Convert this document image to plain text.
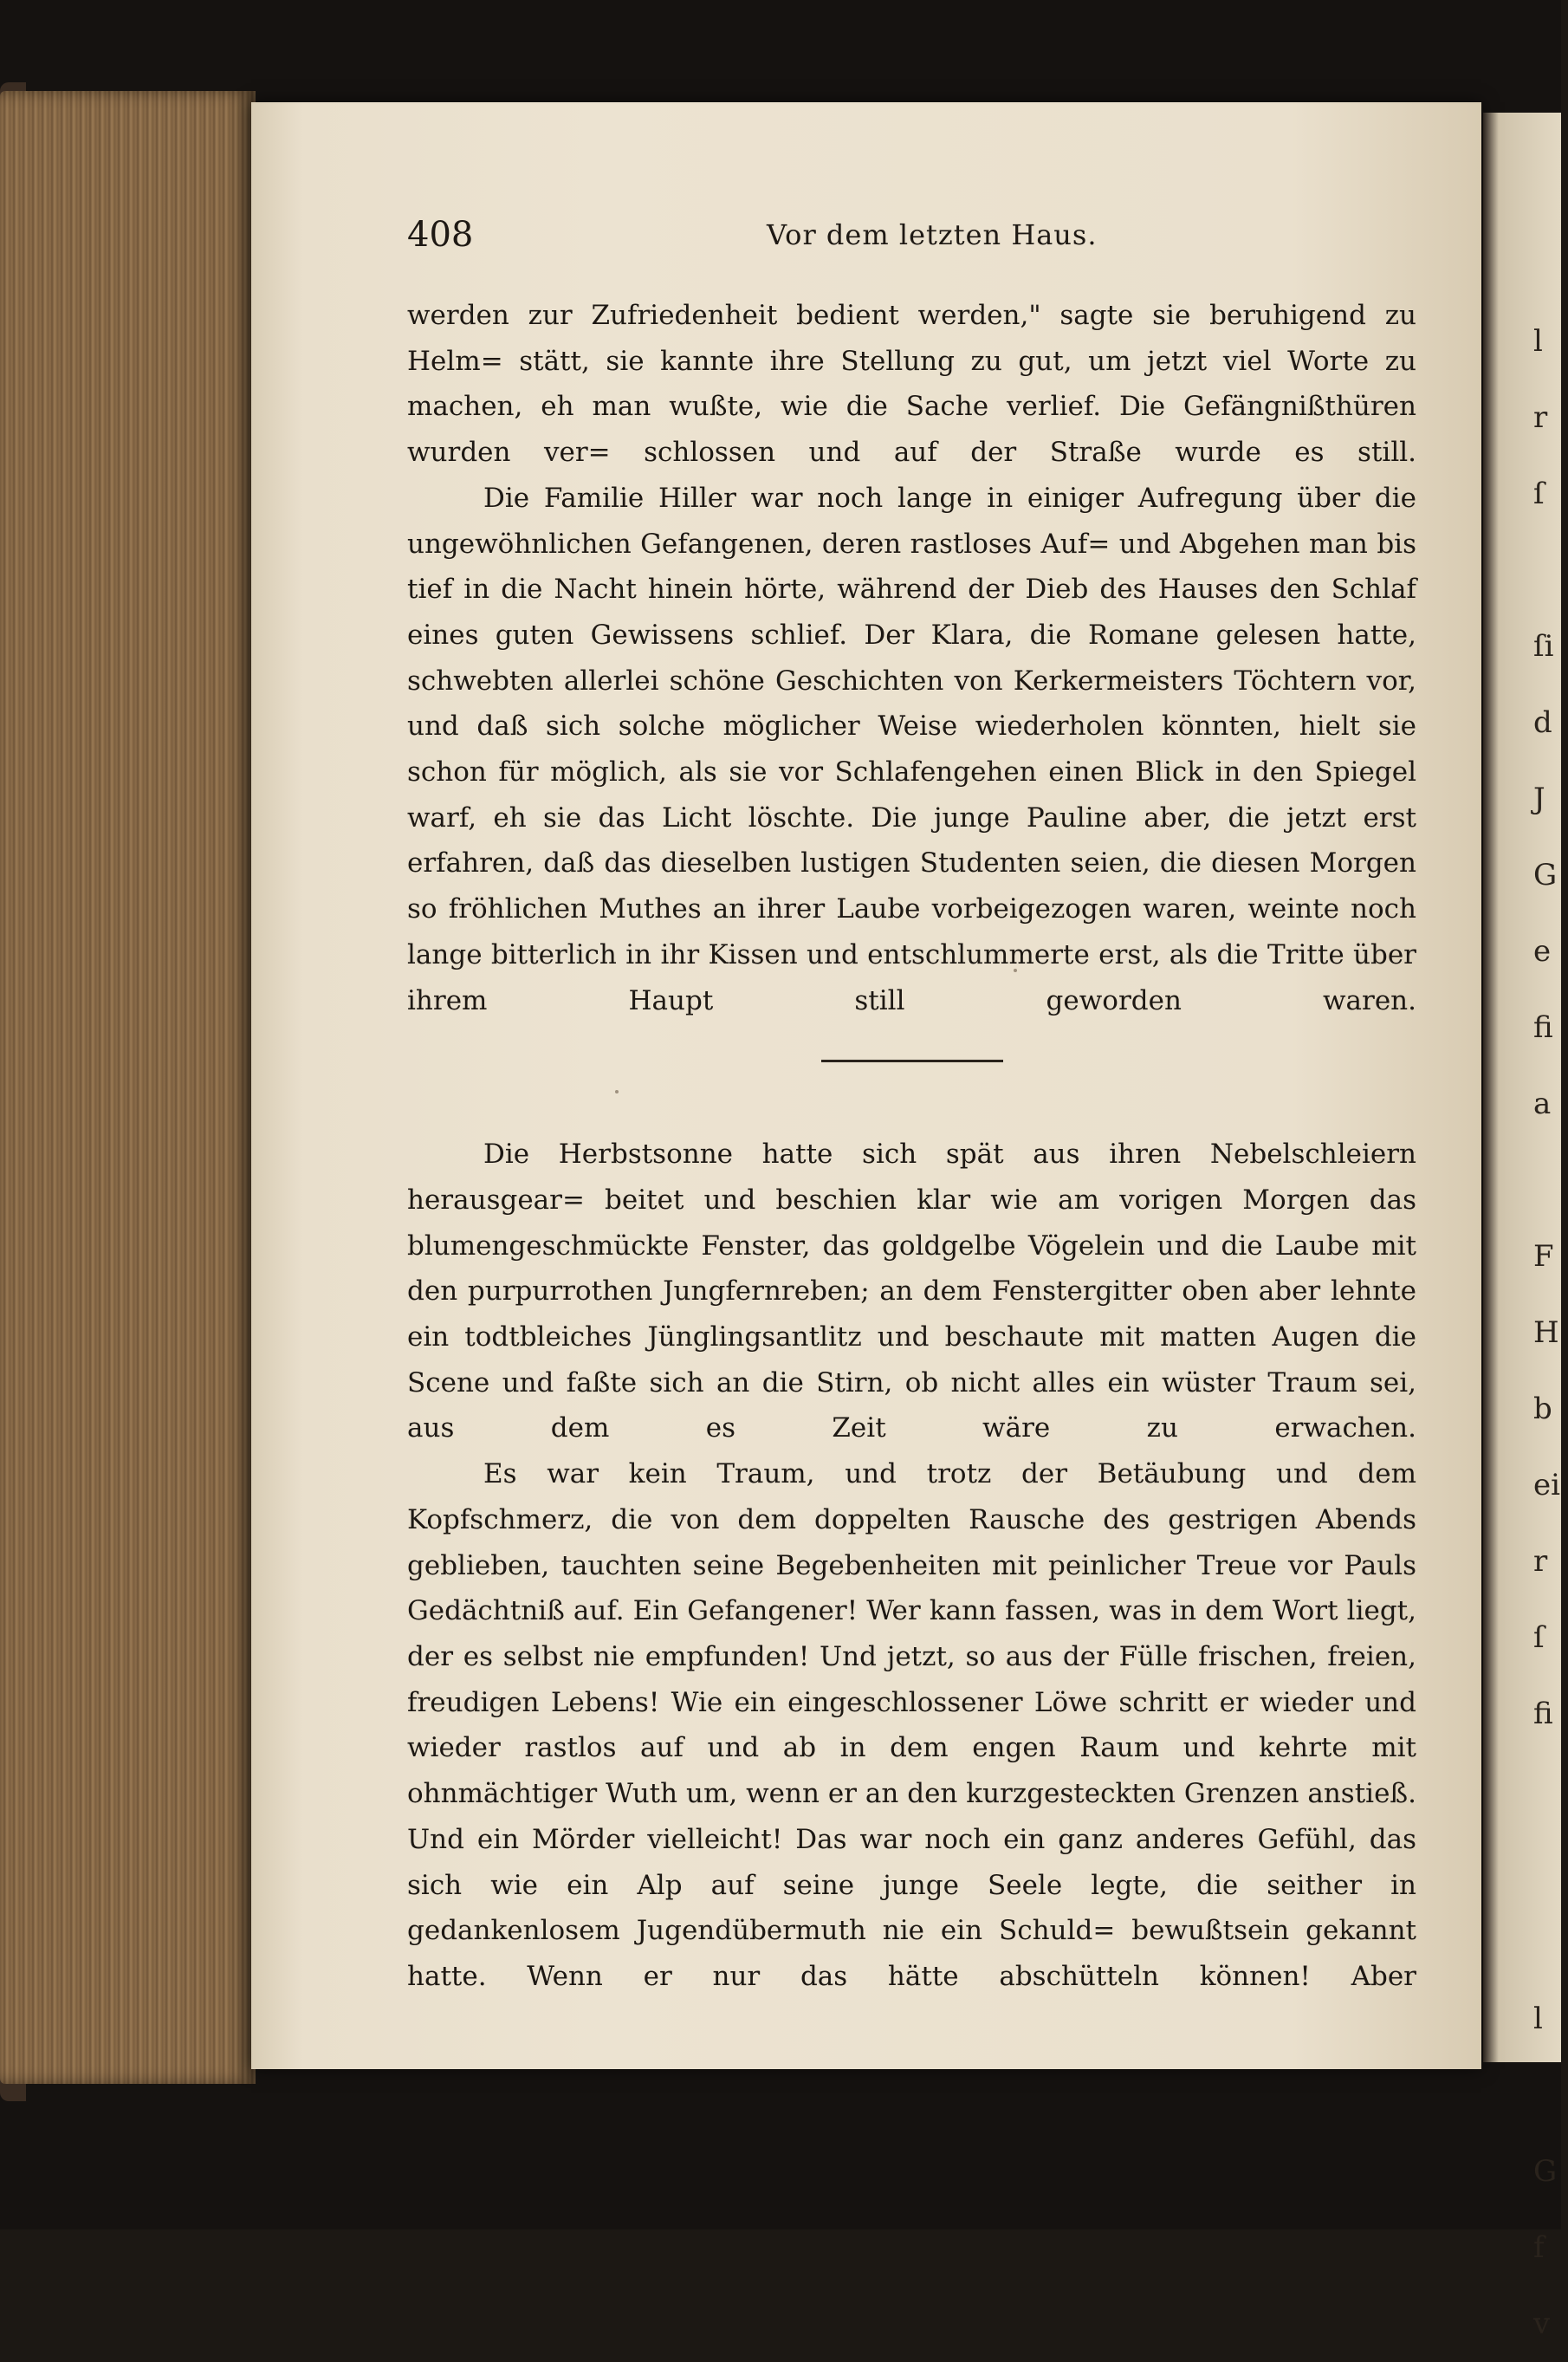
l
r
ſ

ſi
d
J
G
e
fi
a

F
H
b
ei
r
ſ
fi

l

G
f
v
408	Vor dem letzten Haus.

werden zur Zufriedenheit bedient werden," sagte sie beruhigend zu Helm= stätt, sie kannte ihre Stellung zu gut, um jetzt viel Worte zu machen, eh man wußte, wie die Sache verlief. Die Gefängnißthüren wurden ver= schlossen und auf der Straße wurde es still.

Die Familie Hiller war noch lange in einiger Aufregung über die ungewöhnlichen Gefangenen, deren rastloses Auf= und Abgehen man bis tief in die Nacht hinein hörte, während der Dieb des Hauses den Schlaf eines guten Gewissens schlief. Der Klara, die Romane gelesen hatte, schwebten allerlei schöne Geschichten von Kerkermeisters Töchtern vor, und daß sich solche möglicher Weise wiederholen könnten, hielt sie schon für möglich, als sie vor Schlafengehen einen Blick in den Spiegel warf, eh sie das Licht löschte. Die junge Pauline aber, die jetzt erst erfahren, daß das dieselben lustigen Studenten seien, die diesen Morgen so fröhlichen Muthes an ihrer Laube vorbeigezogen waren, weinte noch lange bitterlich in ihr Kissen und entschlummerte erst, als die Tritte über ihrem Haupt still geworden waren.

Die Herbstsonne hatte sich spät aus ihren Nebelschleiern herausgear= beitet und beschien klar wie am vorigen Morgen das blumengeschmückte Fenster, das goldgelbe Vögelein und die Laube mit den purpurrothen Jungfernreben; an dem Fenstergitter oben aber lehnte ein todtbleiches Jünglingsantlitz und beschaute mit matten Augen die Scene und faßte sich an die Stirn, ob nicht alles ein wüster Traum sei, aus dem es Zeit wäre zu erwachen.

Es war kein Traum, und trotz der Betäubung und dem Kopfschmerz, die von dem doppelten Rausche des gestrigen Abends geblieben, tauchten seine Begebenheiten mit peinlicher Treue vor Pauls Gedächtniß auf. Ein Gefangener! Wer kann fassen, was in dem Wort liegt, der es selbst nie empfunden! Und jetzt, so aus der Fülle frischen, freien, freudigen Lebens! Wie ein eingeschlossener Löwe schritt er wieder und wieder rastlos auf und ab in dem engen Raum und kehrte mit ohnmächtiger Wuth um, wenn er an den kurzgesteckten Grenzen anstieß. Und ein Mörder vielleicht! Das war noch ein ganz anderes Gefühl, das sich wie ein Alp auf seine junge Seele legte, die seither in gedankenlosem Jugendübermuth nie ein Schuld= bewußtsein gekannt hatte. Wenn er nur das hätte abschütteln können! Aber
